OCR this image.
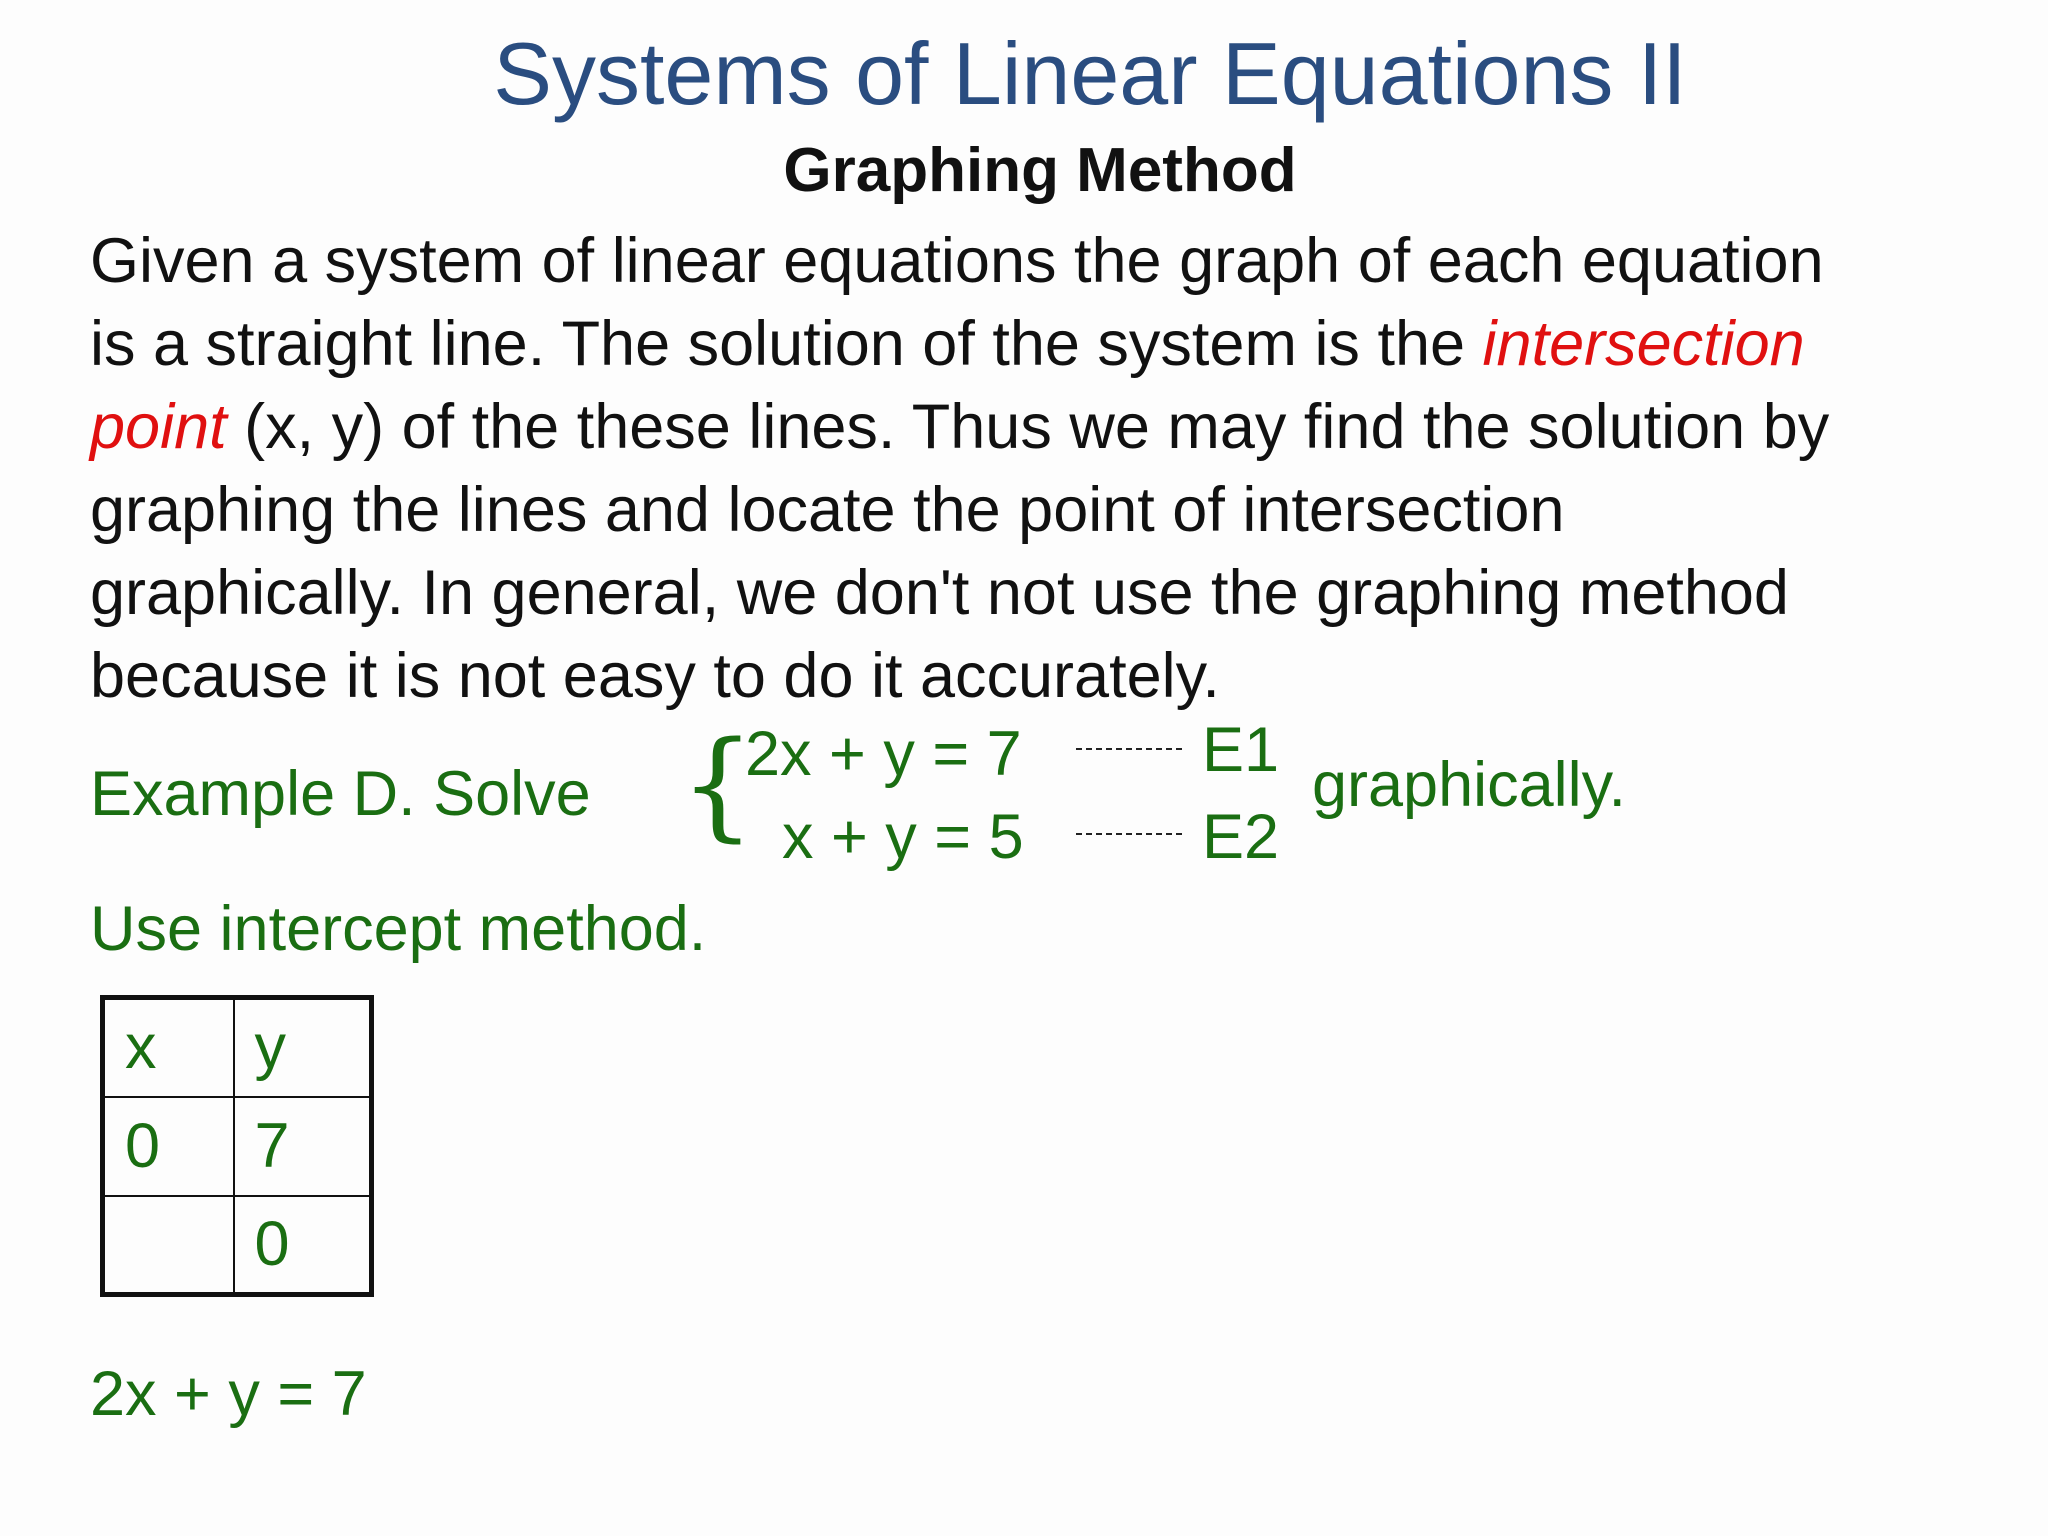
Systems of Linear Equations II
Graphing Method
Given a system of linear equations the graph of each equation
is a straight line. The solution of the system is the intersection
point (x, y) of the these lines. Thus we may find the solution by
graphing the lines and locate the point of intersection
graphically. In general, we don't not use the graphing method
because it is not easy to do it accurately.
Example D. Solve {
2x + y = 7
x + y = 5
E1
E2
graphically.
Use intercept method.
x	y
0	7
	0
2x + y = 7
